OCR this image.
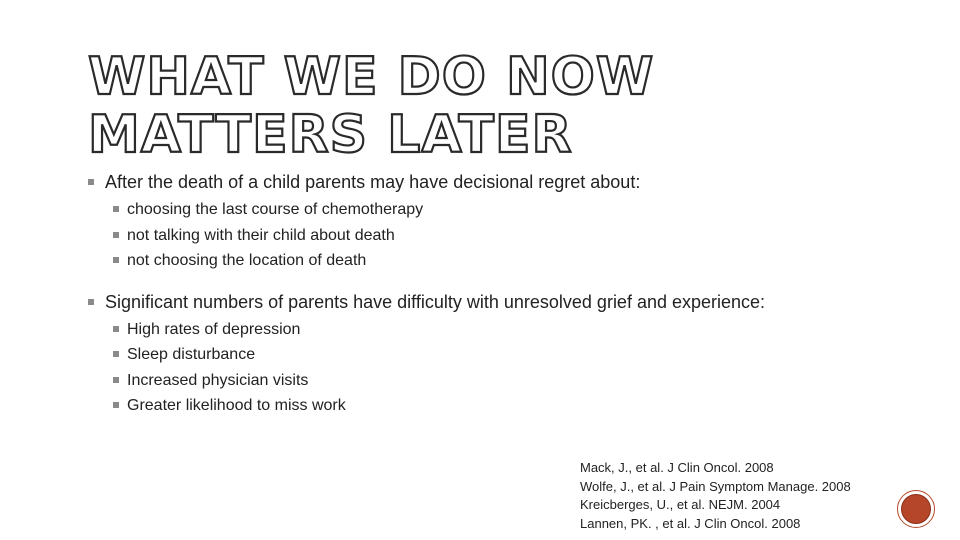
WHAT WE DO NOW MATTERS LATER
After the death of a child parents may have decisional regret about:
choosing the last course of chemotherapy
not talking with their child about death
not choosing the location of death
Significant numbers of parents have difficulty with unresolved grief and experience:
High rates of depression
Sleep disturbance
Increased physician visits
Greater likelihood to miss work
Mack, J., et al. J Clin Oncol. 2008
Wolfe, J., et al. J Pain Symptom Manage. 2008
Kreicberges, U., et al. NEJM. 2004
Lannen, PK. , et al. J Clin Oncol. 2008
